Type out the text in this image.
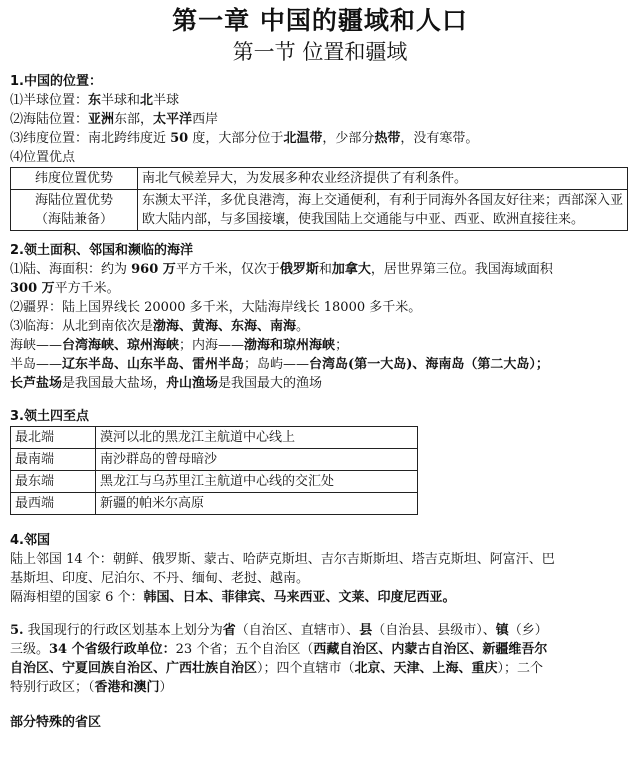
第一章 中国的疆域和人口
第一节 位置和疆域
1.中国的位置：
⑴半球位置：东半球和北半球
⑵海陆位置：亚洲东部，太平洋西岸
⑶纬度位置：南北跨纬度近 50 度，大部分位于北温带，少部分热带，没有寒带。
⑷位置优点
纬度位置优势	南北气候差异大，为发展多种农业经济提供了有利条件。
海陆位置优势
（海陆兼备）	东濒太平洋，多优良港湾，海上交通便利，有利于同海外各国友好往来；西部深入亚欧大陆内部，与多国接壤，使我国陆上交通能与中亚、西亚、欧洲直接往来。
2.领土面积、邻国和濒临的海洋
⑴陆、海面积：约为 960 万平方千米，仅次于俄罗斯和加拿大，居世界第三位。我国海域面积
300 万平方千米。
⑵疆界：陆上国界线长 20000 多千米，大陆海岸线长 18000 多千米。
⑶临海：从北到南依次是渤海、黄海、东海、南海。
海峡——台湾海峡、琼州海峡；内海——渤海和琼州海峡；
半岛——辽东半岛、山东半岛、雷州半岛；岛屿——台湾岛(第一大岛)、海南岛（第二大岛）；
长芦盐场是我国最大盐场，舟山渔场是我国最大的渔场
3.领土四至点
最北端	漠河以北的黑龙江主航道中心线上
最南端	南沙群岛的曾母暗沙
最东端	黑龙江与乌苏里江主航道中心线的交汇处
最西端	新疆的帕米尔高原
4.邻国
陆上邻国 14 个：朝鲜、俄罗斯、蒙古、哈萨克斯坦、吉尔吉斯斯坦、塔吉克斯坦、阿富汗、巴
基斯坦、印度、尼泊尔、不丹、缅甸、老挝、越南。
隔海相望的国家 6 个：韩国、日本、菲律宾、马来西亚、文莱、印度尼西亚。
5. 我国现行的行政区划基本上划分为省（自治区、直辖市）、县（自治县、县级市）、镇（乡）
三级。34 个省级行政单位：23 个省；五个自治区（西藏自治区、内蒙古自治区、新疆维吾尔
自治区、宁夏回族自治区、广西壮族自治区）；四个直辖市（北京、天津、上海、重庆）；二个
特别行政区；（香港和澳门）
部分特殊的省区
